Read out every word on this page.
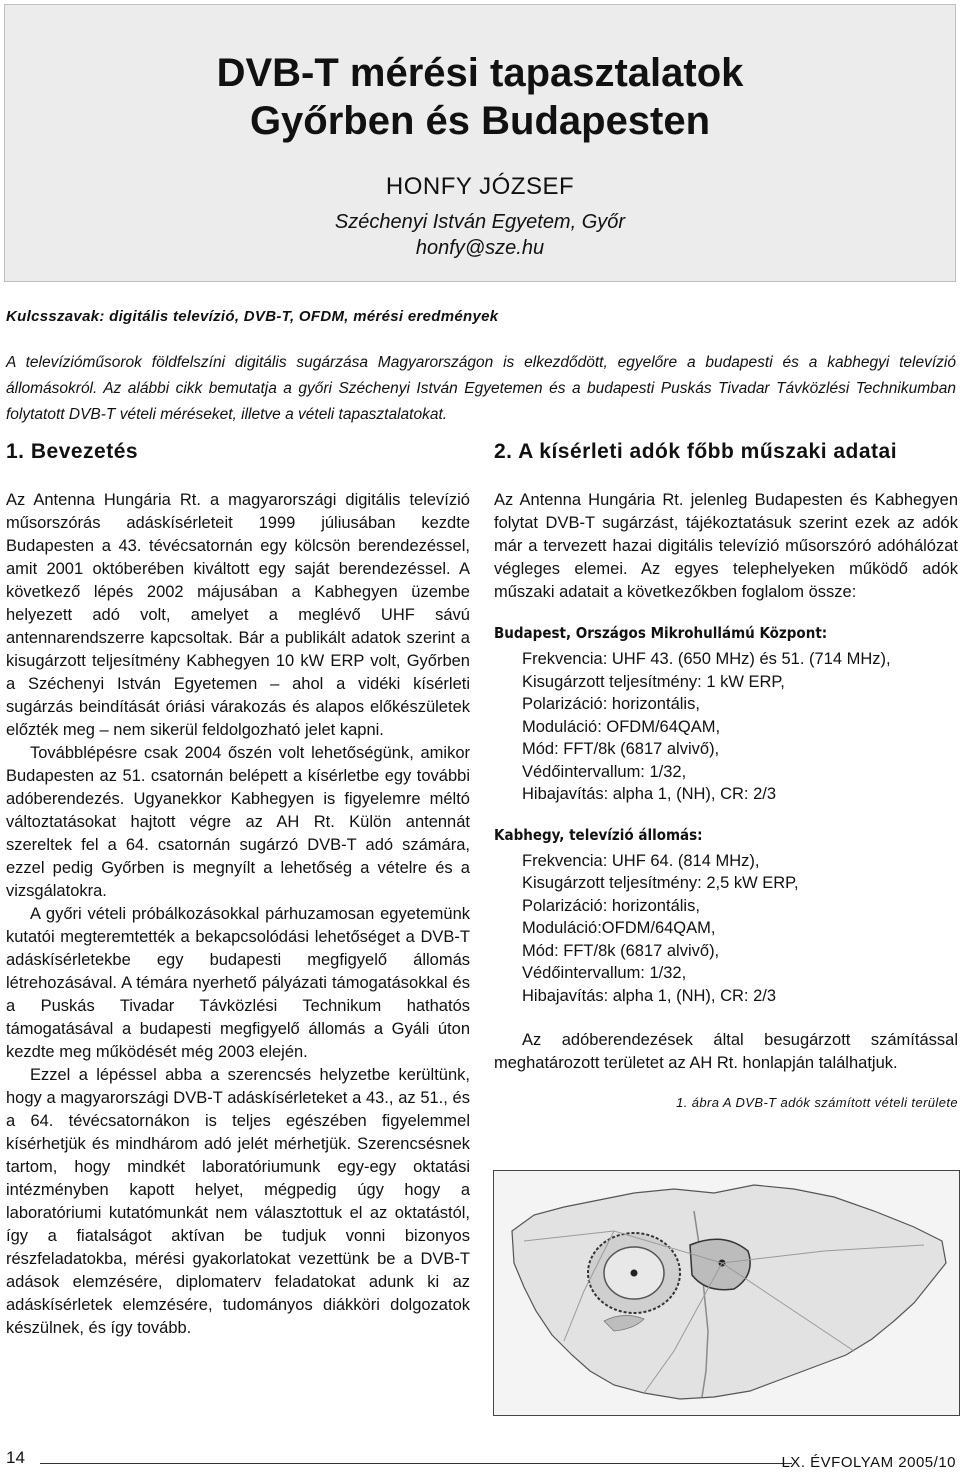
DVB-T mérési tapasztalatok
Győrben és Budapesten
HONFY JÓZSEF
Széchenyi István Egyetem, Győr
honfy@sze.hu
Kulcsszavak: digitális televízió, DVB-T, OFDM, mérési eredmények
A televízióműsorok földfelszíni digitális sugárzása Magyarországon is elkezdődött, egyelőre a budapesti és a kabhegyi televízió állomásokról. Az alábbi cikk bemutatja a győri Széchenyi István Egyetemen és a budapesti Puskás Tivadar Távközlési Technikumban folytatott DVB-T vételi méréseket, illetve a vételi tapasztalatokat.
1. Bevezetés

Az Antenna Hungária Rt. a magyarországi digitális televízió műsorszórás adáskísérleteit 1999 júliusában kezdte Budapesten a 43. tévécsatornán egy kölcsön berendezéssel, amit 2001 októberében kiváltott egy saját berendezéssel. A következő lépés 2002 májusában a Kabhegyen üzembe helyezett adó volt, amelyet a meglévő UHF sávú antennarendszerre kapcsoltak. Bár a publikált adatok szerint a kisugárzott teljesítmény Kabhegyen 10 kW ERP volt, Győrben a Széchenyi István Egyetemen – ahol a vidéki kísérleti sugárzás beindítását óriási várakozás és alapos előkészületek előzték meg – nem sikerül feldolgozható jelet kapni.

Továbblépésre csak 2004 őszén volt lehetőségünk, amikor Budapesten az 51. csatornán belépett a kísérletbe egy további adóberendezés. Ugyanekkor Kabhegyen is figyelemre méltó változtatásokat hajtott végre az AH Rt. Külön antennát szereltek fel a 64. csatornán sugárzó DVB-T adó számára, ezzel pedig Győrben is megnyílt a lehetőség a vételre és a vizsgálatokra.

A győri vételi próbálkozásokkal párhuzamosan egyetemünk kutatói megteremtették a bekapcsolódási lehetőséget a DVB-T adáskísérletekbe egy budapesti megfigyelő állomás létrehozásával. A témára nyerhető pályázati támogatásokkal és a Puskás Tivadar Távközlési Technikum hathatós támogatásával a budapesti megfigyelő állomás a Gyáli úton kezdte meg működését még 2003 elején.

Ezzel a lépéssel abba a szerencsés helyzetbe kerültünk, hogy a magyarországi DVB-T adáskísérleteket a 43., az 51., és a 64. tévécsatornákon is teljes egészében figyelemmel kísérhetjük és mindhárom adó jelét mérhetjük. Szerencsésnek tartom, hogy mindkét laboratóriumunk egy-egy oktatási intézményben kapott helyet, mégpedig úgy hogy a laboratóriumi kutatómunkát nem választottuk el az oktatástól, így a fiatalságot aktívan be tudjuk vonni bizonyos részfeladatokba, mérési gyakorlatokat vezettünk be a DVB-T adások elemzésére, diplomaterv feladatokat adunk ki az adáskísérletek elemzésére, tudományos diákköri dolgozatok készülnek, és így tovább.

2. A kísérleti adók főbb műszaki adatai
Az Antenna Hungária Rt. jelenleg Budapesten és Kabhegyen folytat DVB-T sugárzást, tájékoztatásuk szerint ezek az adók már a tervezett hazai digitális televízió műsorszóró adóhálózat végleges elemei. Az egyes telephelyeken működő adók műszaki adatait a következőkben foglalom össze:
Budapest, Országos Mikrohullámú Központ:
Frekvencia: UHF 43. (650 MHz) és 51. (714 MHz),
Kisugárzott teljesítmény: 1 kW ERP,
Polarizáció: horizontális,
Moduláció: OFDM/64QAM,
Mód: FFT/8k (6817 alvivő),
Védőintervallum: 1/32,
Hibajavítás: alpha 1, (NH), CR: 2/3
Kabhegy, televízió állomás:
Frekvencia: UHF 64. (814 MHz),
Kisugárzott teljesítmény: 2,5 kW ERP,
Polarizáció: horizontális,
Moduláció:OFDM/64QAM,
Mód: FFT/8k (6817 alvivő),
Védőintervallum: 1/32,
Hibajavítás: alpha 1, (NH), CR: 2/3
Az adóberendezések által besugárzott számítással meghatározott területet az AH Rt. honlapján találhatjuk.
1. ábra A DVB-T adók számított vételi területe
14	LX. ÉVFOLYAM 2005/10
